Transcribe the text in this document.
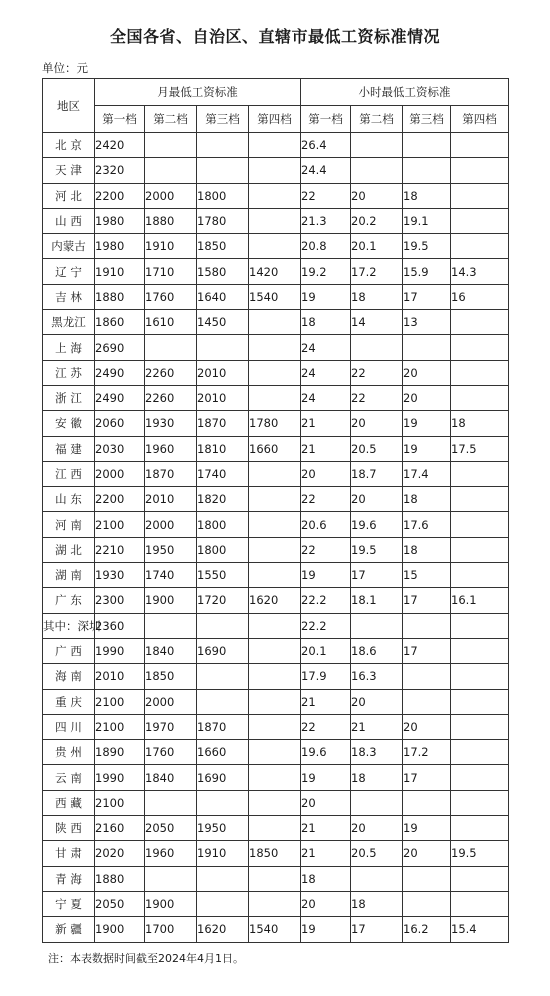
全国各省、自治区、直辖市最低工资标准情况
单位：元
地区	月最低工资标准				小时最低工资标准			
	第一档	第二档	第三档	第四档	第一档	第二档	第三档	第四档
北 京	2420				26.4			
天 津	2320				24.4			
河 北	2200	2000	1800		22	20	18	
山 西	1980	1880	1780		21.3	20.2	19.1	
内蒙古	1980	1910	1850		20.8	20.1	19.5	
辽 宁	1910	1710	1580	1420	19.2	17.2	15.9	14.3
吉 林	1880	1760	1640	1540	19	18	17	16
黑龙江	1860	1610	1450		18	14	13	
上 海	2690				24			
江 苏	2490	2260	2010		24	22	20	
浙 江	2490	2260	2010		24	22	20	
安 徽	2060	1930	1870	1780	21	20	19	18
福 建	2030	1960	1810	1660	21	20.5	19	17.5
江 西	2000	1870	1740		20	18.7	17.4	
山 东	2200	2010	1820		22	20	18	
河 南	2100	2000	1800		20.6	19.6	17.6	
湖 北	2210	1950	1800		22	19.5	18	
湖 南	1930	1740	1550		19	17	15	
广 东	2300	1900	1720	1620	22.2	18.1	17	16.1
其中：深圳	2360				22.2			
广 西	1990	1840	1690		20.1	18.6	17	
海 南	2010	1850			17.9	16.3		
重 庆	2100	2000			21	20		
四 川	2100	1970	1870		22	21	20	
贵 州	1890	1760	1660		19.6	18.3	17.2	
云 南	1990	1840	1690		19	18	17	
西 藏	2100				20			
陕 西	2160	2050	1950		21	20	19	
甘 肃	2020	1960	1910	1850	21	20.5	20	19.5
青 海	1880				18			
宁 夏	2050	1900			20	18		
新 疆	1900	1700	1620	1540	19	17	16.2	15.4
注：本表数据时间截至2024年4月1日。
